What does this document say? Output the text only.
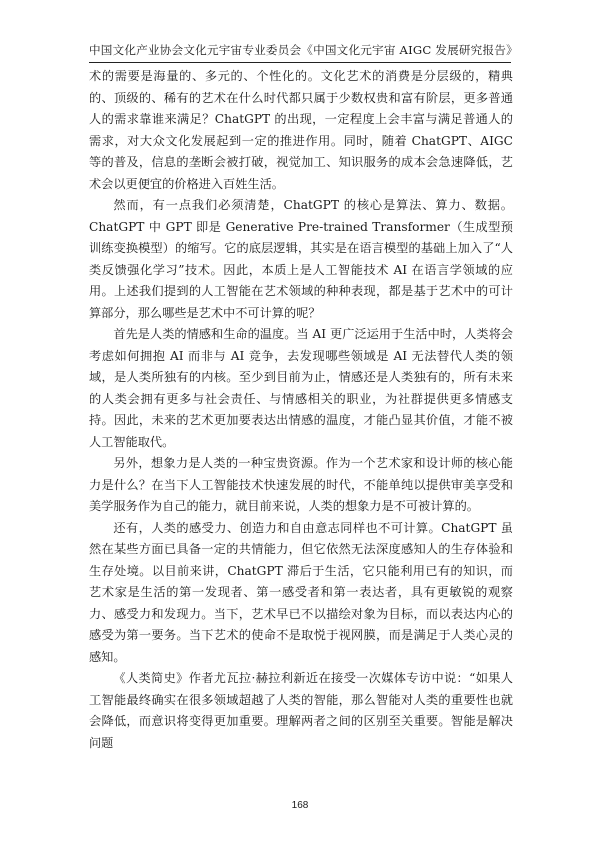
中国文化产业协会文化元宇宙专业委员会 《中国文化元宇宙 AIGC 发展研究报告》

术的需要是海量的、多元的、个性化的。文化艺术的消费是分层级的，精典的、顶级的、稀有的艺术在什么时代都只属于少数权贵和富有阶层，更多普通人的需求靠谁来满足？ChatGPT 的出现，一定程度上会丰富与满足普通人的需求，对大众文化发展起到一定的推进作用。同时，随着 ChatGPT、AIGC 等的普及，信息的垄断会被打破，视觉加工、知识服务的成本会急速降低，艺术会以更便宜的价格进入百姓生活。

然而，有一点我们必须清楚，ChatGPT 的核心是算法、算力、数据。ChatGPT 中 GPT 即是 Generative Pre-trained Transformer（生成型预训练变换模型）的缩写。它的底层逻辑，其实是在语言模型的基础上加入了“人类反馈强化学习”技术。因此，本质上是人工智能技术 AI 在语言学领域的应用。上述我们提到的人工智能在艺术领域的种种表现，都是基于艺术中的可计算部分，那么哪些是艺术中不可计算的呢？

首先是人类的情感和生命的温度。当 AI 更广泛运用于生活中时，人类将会考虑如何拥抱 AI 而非与 AI 竞争，去发现哪些领域是 AI 无法替代人类的领域，是人类所独有的内核。至少到目前为止，情感还是人类独有的，所有未来的人类会拥有更多与社会责任、与情感相关的职业，为社群提供更多情感支持。因此，未来的艺术更加要表达出情感的温度，才能凸显其价值，才能不被人工智能取代。

另外，想象力是人类的一种宝贵资源。作为一个艺术家和设计师的核心能力是什么？在当下人工智能技术快速发展的时代，不能单纯以提供审美享受和美学服务作为自己的能力，就目前来说，人类的想象力是不可被计算的。

还有，人类的感受力、创造力和自由意志同样也不可计算。ChatGPT 虽然在某些方面已具备一定的共情能力，但它依然无法深度感知人的生存体验和生存处境。以目前来讲，ChatGPT 滞后于生活，它只能利用已有的知识，而艺术家是生活的第一发现者、第一感受者和第一表达者，具有更敏锐的观察力、感受力和发现力。当下，艺术早已不以描绘对象为目标，而以表达内心的感受为第一要务。当下艺术的使命不是取悦于视网膜，而是满足于人类心灵的感知。

《人类简史》作者尤瓦拉·赫拉利新近在接受一次媒体专访中说：“如果人工智能最终确实在很多领域超越了人类的智能，那么智能对人类的重要性也就会降低，而意识将变得更加重要。理解两者之间的区别至关重要。智能是解决问题

168
